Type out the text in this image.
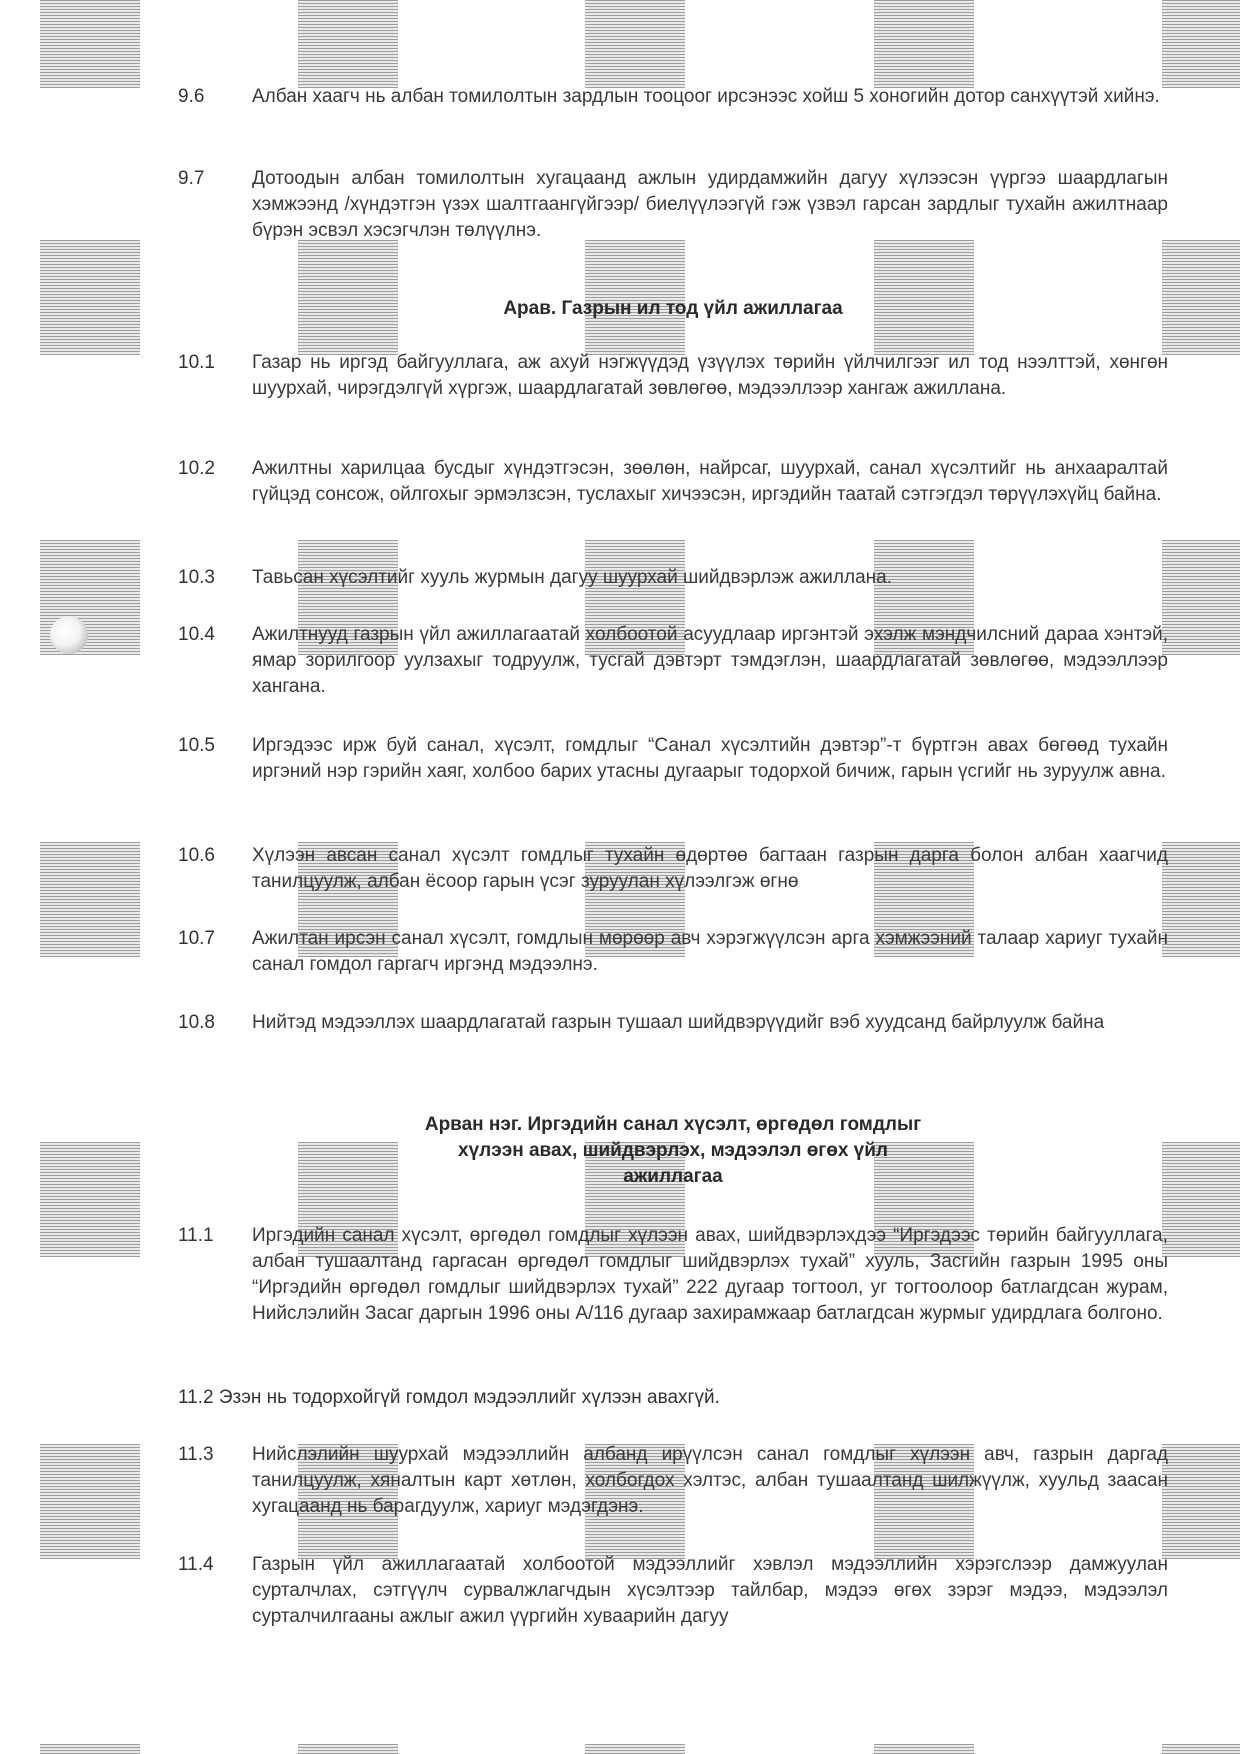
9.6	Албан хаагч нь албан томилолтын зардлын тооцоог ирсэнээс хойш 5 хоногийн дотор санхүүтэй хийнэ.
9.7	Дотоодын албан томилолтын хугацаанд ажлын удирдамжийн дагуу хүлээсэн үүргээ шаардлагын хэмжээнд /хүндэтгэн үзэх шалтгаангүйгээр/ биелүүлээгүй гэж үзвэл гарсан зардлыг тухайн ажилтнаар бүрэн эсвэл хэсэгчлэн төлүүлнэ.
Арав. Газрын ил тод үйл ажиллагаа
10.1	Газар нь иргэд байгууллага, аж ахуй нэгжүүдэд үзүүлэх төрийн үйлчилгээг ил тод нээлттэй, хөнгөн шуурхай, чирэгдэлгүй хүргэж, шаардлагатай зөвлөгөө, мэдээллээр хангаж ажиллана.
10.2	Ажилтны харилцаа бусдыг хүндэтгэсэн, зөөлөн, найрсаг, шуурхай, санал хүсэлтийг нь анхааралтай гүйцэд сонсож, ойлгохыг эрмэлзсэн, туслахыг хичээсэн, иргэдийн таатай сэтгэгдэл төрүүлэхүйц байна.
10.3	Тавьсан хүсэлтийг хууль журмын дагуу шуурхай шийдвэрлэж ажиллана.
10.4	Ажилтнууд газрын үйл ажиллагаатай холбоотой асуудлаар иргэнтэй эхэлж мэндчилсний дараа хэнтэй, ямар зорилгоор уулзахыг тодруулж, тусгай дэвтэрт тэмдэглэн, шаардлагатай зөвлөгөө, мэдээллээр хангана.
10.5	Иргэдээс ирж буй санал, хүсэлт, гомдлыг “Санал хүсэлтийн дэвтэр”-т бүртгэн авах бөгөөд тухайн иргэний нэр гэрийн хаяг, холбоо барих утасны дугаарыг тодорхой бичиж, гарын үсгийг нь зуруулж авна.
10.6	Хүлээн авсан санал хүсэлт гомдлыг тухайн өдөртөө багтаан газрын дарга болон албан хаагчид танилцуулж, албан ёсоор гарын үсэг зуруулан хүлээлгэж өгнө
10.7	Ажилтан ирсэн санал хүсэлт, гомдлын мөрөөр авч хэрэгжүүлсэн арга хэмжээний талаар хариуг тухайн санал гомдол гаргагч иргэнд мэдээлнэ.
10.8	Нийтэд мэдээллэх шаардлагатай газрын тушаал шийдвэрүүдийг вэб хуудсанд байрлуулж байна
Арван нэг. Иргэдийн санал хүсэлт, өргөдөл гомдлыг
хүлээн авах, шийдвэрлэх, мэдээлэл өгөх үйл
ажиллагаа
11.1	Иргэдийн санал хүсэлт, өргөдөл гомдлыг хүлээн авах, шийдвэрлэхдээ “Иргэдээс төрийн байгууллага, албан тушаалтанд гаргасан өргөдөл гомдлыг шийдвэрлэх тухай” хууль, Засгийн газрын 1995 оны “Иргэдийн өргөдөл гомдлыг шийдвэрлэх тухай” 222 дугаар тогтоол, уг тогтоолоор батлагдсан журам, Нийслэлийн Засаг даргын 1996 оны А/116 дугаар захирамжаар батлагдсан журмыг удирдлага болгоно.
11.2 Эзэн нь тодорхойгүй гомдол мэдээллийг хүлээн авахгүй.
11.3	Нийслэлийн шуурхай мэдээллийн албанд ирүүлсэн санал гомдлыг хүлээн авч, газрын даргад танилцуулж, хяналтын карт хөтлөн, холбогдох хэлтэс, албан тушаалтанд шилжүүлж, хуульд заасан хугацаанд нь барагдуулж, хариуг мэдэгдэнэ.
11.4	Газрын үйл ажиллагаатай холбоотой мэдээллийг хэвлэл мэдээллийн хэрэгслээр дамжуулан сурталчлах, сэтгүүлч сурвалжлагчдын хүсэлтээр тайлбар, мэдээ өгөх зэрэг мэдээ, мэдээлэл сурталчилгааны ажлыг ажил үүргийн хуваарийн дагуу
